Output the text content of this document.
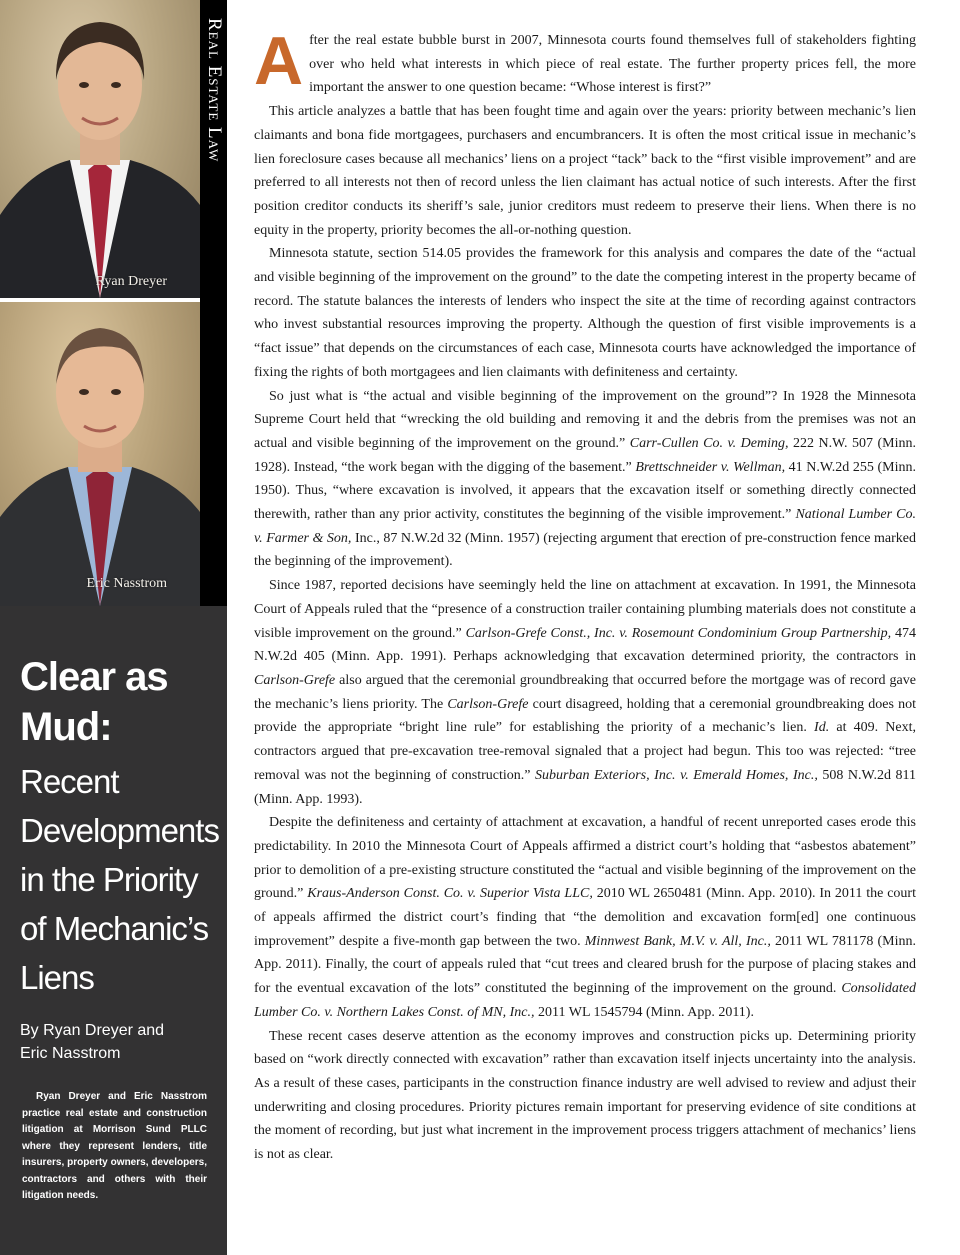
Ryan Dreyer
Eric Nasstrom
Real Estate Law
Clear as
Mud:
Recent
Developments
in the Priority
of Mechanic’s
Liens
By Ryan Dreyer and
Eric Nasstrom
Ryan Dreyer and Eric Nasstrom practice real estate and construction litigation at Morrison Sund PLLC where they represent lenders, title insurers, property owners, developers, contractors and others with their litigation needs.

After the real estate bubble burst in 2007, Minnesota courts found themselves full of stakeholders fighting over who held what interests in which piece of real estate. The further property prices fell, the more important the answer to one question became: “Whose interest is first?”

This article analyzes a battle that has been fought time and again over the years: priority between mechanic’s lien claimants and bona fide mortgagees, purchasers and encumbrancers. It is often the most critical issue in mechanic’s lien foreclosure cases because all mechanics’ liens on a project “tack” back to the “first visible improvement” and are preferred to all interests not then of record unless the lien claimant has actual notice of such interests. After the first position creditor conducts its sheriff’s sale, junior creditors must redeem to preserve their liens. When there is no equity in the property, priority becomes the all-or-nothing question.

Minnesota statute, section 514.05 provides the framework for this analysis and compares the date of the “actual and visible beginning of the improvement on the ground” to the date the competing interest in the property became of record. The statute balances the interests of lenders who inspect the site at the time of recording against contractors who invest substantial resources improving the property. Although the question of first visible improvements is a “fact issue” that depends on the circumstances of each case, Minnesota courts have acknowledged the importance of fixing the rights of both mortgagees and lien claimants with definiteness and certainty.

So just what is “the actual and visible beginning of the improvement on the ground”? In 1928 the Minnesota Supreme Court held that “wrecking the old building and removing it and the debris from the premises was not an actual and visible beginning of the improvement on the ground.” Carr-Cullen Co. v. Deming, 222 N.W. 507 (Minn. 1928). Instead, “the work began with the digging of the basement.” Brettschneider v. Wellman, 41 N.W.2d 255 (Minn. 1950). Thus, “where excavation is involved, it appears that the excavation itself or something directly connected therewith, rather than any prior activity, constitutes the beginning of the visible improvement.” National Lumber Co. v. Farmer & Son, Inc., 87 N.W.2d 32 (Minn. 1957) (rejecting argument that erection of pre-construction fence marked the beginning of the improvement).

Since 1987, reported decisions have seemingly held the line on attachment at excavation. In 1991, the Minnesota Court of Appeals ruled that the “presence of a construction trailer containing plumbing materials does not constitute a visible improvement on the ground.” Carlson-Grefe Const., Inc. v. Rosemount Condominium Group Partnership, 474 N.W.2d 405 (Minn. App. 1991). Perhaps acknowledging that excavation determined priority, the contractors in Carlson-Grefe also argued that the ceremonial groundbreaking that occurred before the mortgage was of record gave the mechanic’s liens priority. The Carlson-Grefe court disagreed, holding that a ceremonial groundbreaking does not provide the appropriate “bright line rule” for establishing the priority of a mechanic’s lien. Id. at 409. Next, contractors argued that pre-excavation tree-removal signaled that a project had begun. This too was rejected: “tree removal was not the beginning of construction.” Suburban Exteriors, Inc. v. Emerald Homes, Inc., 508 N.W.2d 811 (Minn. App. 1993).

Despite the definiteness and certainty of attachment at excavation, a handful of recent unreported cases erode this predictability. In 2010 the Minnesota Court of Appeals affirmed a district court’s holding that “asbestos abatement” prior to demolition of a pre-existing structure constituted the “actual and visible beginning of the improvement on the ground.” Kraus-Anderson Const. Co. v. Superior Vista LLC, 2010 WL 2650481 (Minn. App. 2010). In 2011 the court of appeals affirmed the district court’s finding that “the demolition and excavation form[ed] one continuous improvement” despite a five-month gap between the two. Minnwest Bank, M.V. v. All, Inc., 2011 WL 781178 (Minn. App. 2011). Finally, the court of appeals ruled that “cut trees and cleared brush for the purpose of placing stakes and for the eventual excavation of the lots” constituted the beginning of the improvement on the ground. Consolidated Lumber Co. v. Northern Lakes Const. of MN, Inc., 2011 WL 1545794 (Minn. App. 2011).

These recent cases deserve attention as the economy improves and construction picks up. Determining priority based on “work directly connected with excavation” rather than excavation itself injects uncertainty into the analysis. As a result of these cases, participants in the construction finance industry are well advised to review and adjust their underwriting and closing procedures. Priority pictures remain important for preserving evidence of site conditions at the moment of recording, but just what increment in the improvement process triggers attachment of mechanics’ liens is not as clear.
